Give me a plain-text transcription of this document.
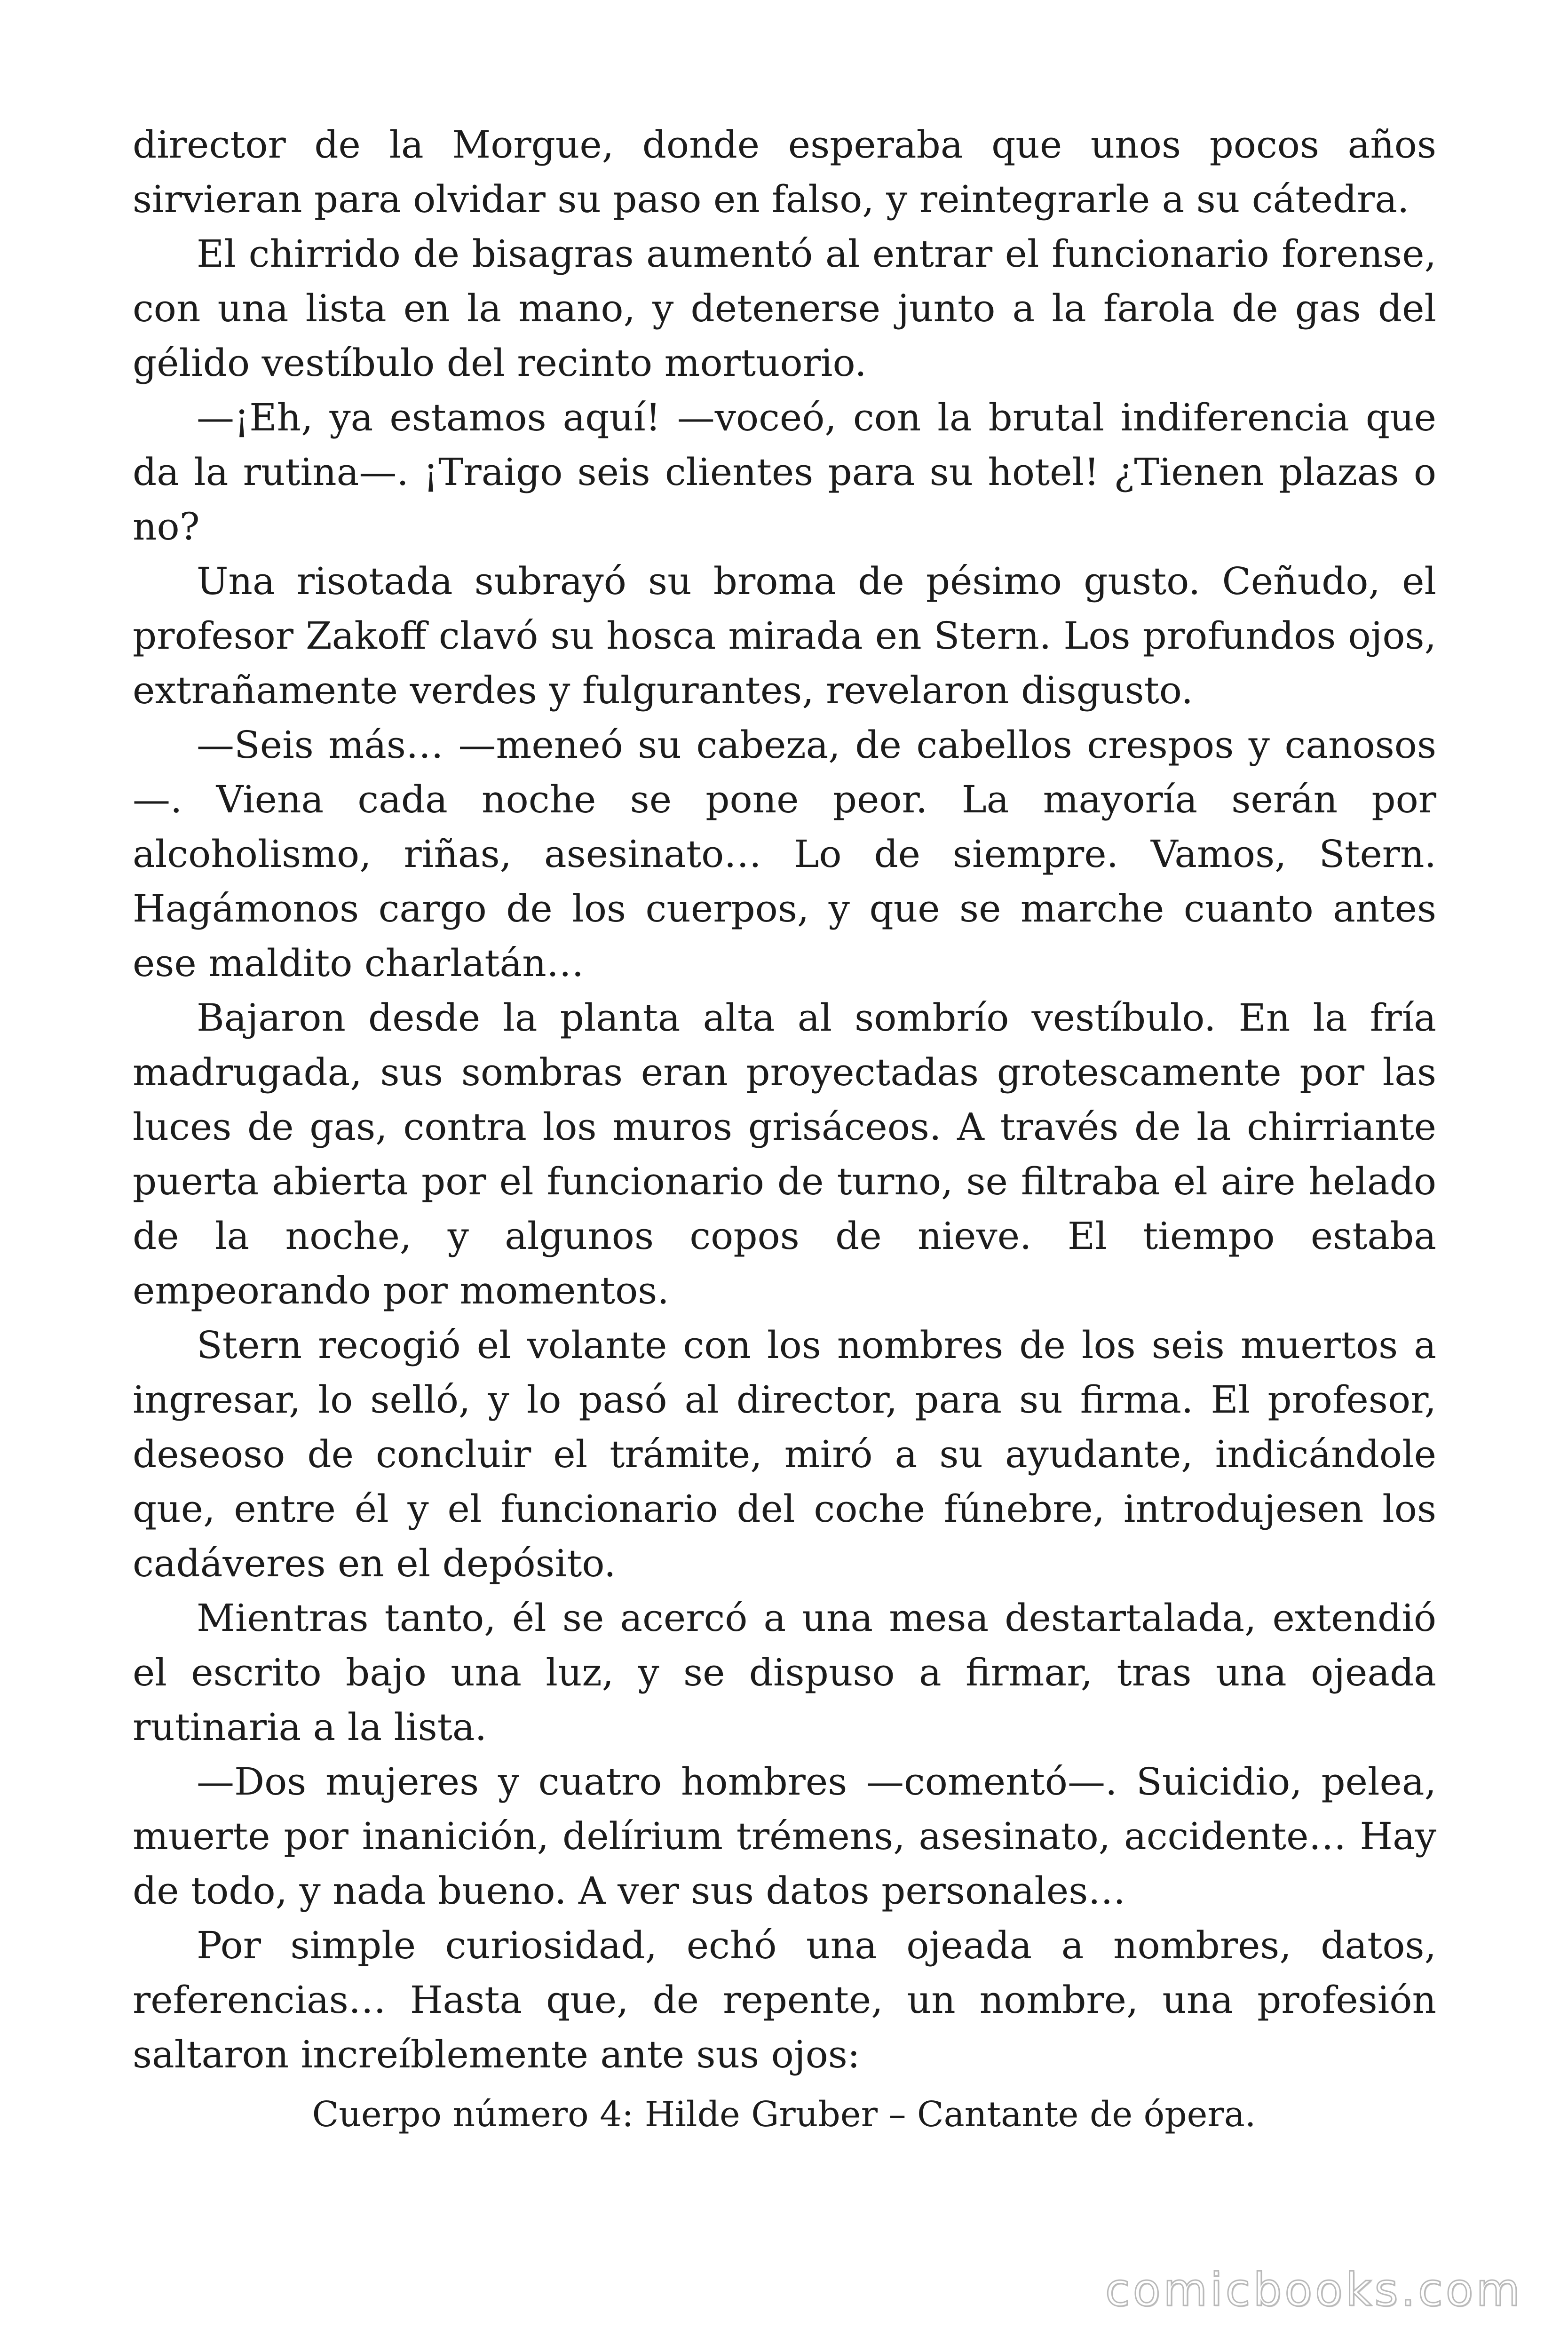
director de la Morgue, donde esperaba que unos pocos años sirvieran para olvidar su paso en falso, y reintegrarle a su cátedra.

El chirrido de bisagras aumentó al entrar el funcionario forense, con una lista en la mano, y detenerse junto a la farola de gas del gélido vestíbulo del recinto mortuorio.

—¡Eh, ya estamos aquí! —voceó, con la brutal indiferencia que da la rutina—. ¡Traigo seis clientes para su hotel! ¿Tienen plazas o no?

Una risotada subrayó su broma de pésimo gusto. Ceñudo, el profesor Zakoff clavó su hosca mirada en Stern. Los profundos ojos, extrañamente verdes y fulgurantes, revelaron disgusto.

—Seis más… —meneó su cabeza, de cabellos crespos y canosos —. Viena cada noche se pone peor. La mayoría serán por alcoholismo, riñas, asesinato… Lo de siempre. Vamos, Stern. Hagámonos cargo de los cuerpos, y que se marche cuanto antes ese maldito charlatán…

Bajaron desde la planta alta al sombrío vestíbulo. En la fría madrugada, sus sombras eran proyectadas grotescamente por las luces de gas, contra los muros grisáceos. A través de la chirriante puerta abierta por el funcionario de turno, se filtraba el aire helado de la noche, y algunos copos de nieve. El tiempo estaba empeorando por momentos.

Stern recogió el volante con los nombres de los seis muertos a ingresar, lo selló, y lo pasó al director, para su firma. El profesor, deseoso de concluir el trámite, miró a su ayudante, indicándole que, entre él y el funcionario del coche fúnebre, introdujesen los cadáveres en el depósito.

Mientras tanto, él se acercó a una mesa destartalada, extendió el escrito bajo una luz, y se dispuso a firmar, tras una ojeada rutinaria a la lista.

—Dos mujeres y cuatro hombres —comentó—. Suicidio, pelea, muerte por inanición, delírium trémens, asesinato, accidente… Hay de todo, y nada bueno. A ver sus datos personales…

Por simple curiosidad, echó una ojeada a nombres, datos, referencias… Hasta que, de repente, un nombre, una profesión saltaron increíblemente ante sus ojos:

Cuerpo número 4: Hilde Gruber – Cantante de ópera.

comicbooks.com
